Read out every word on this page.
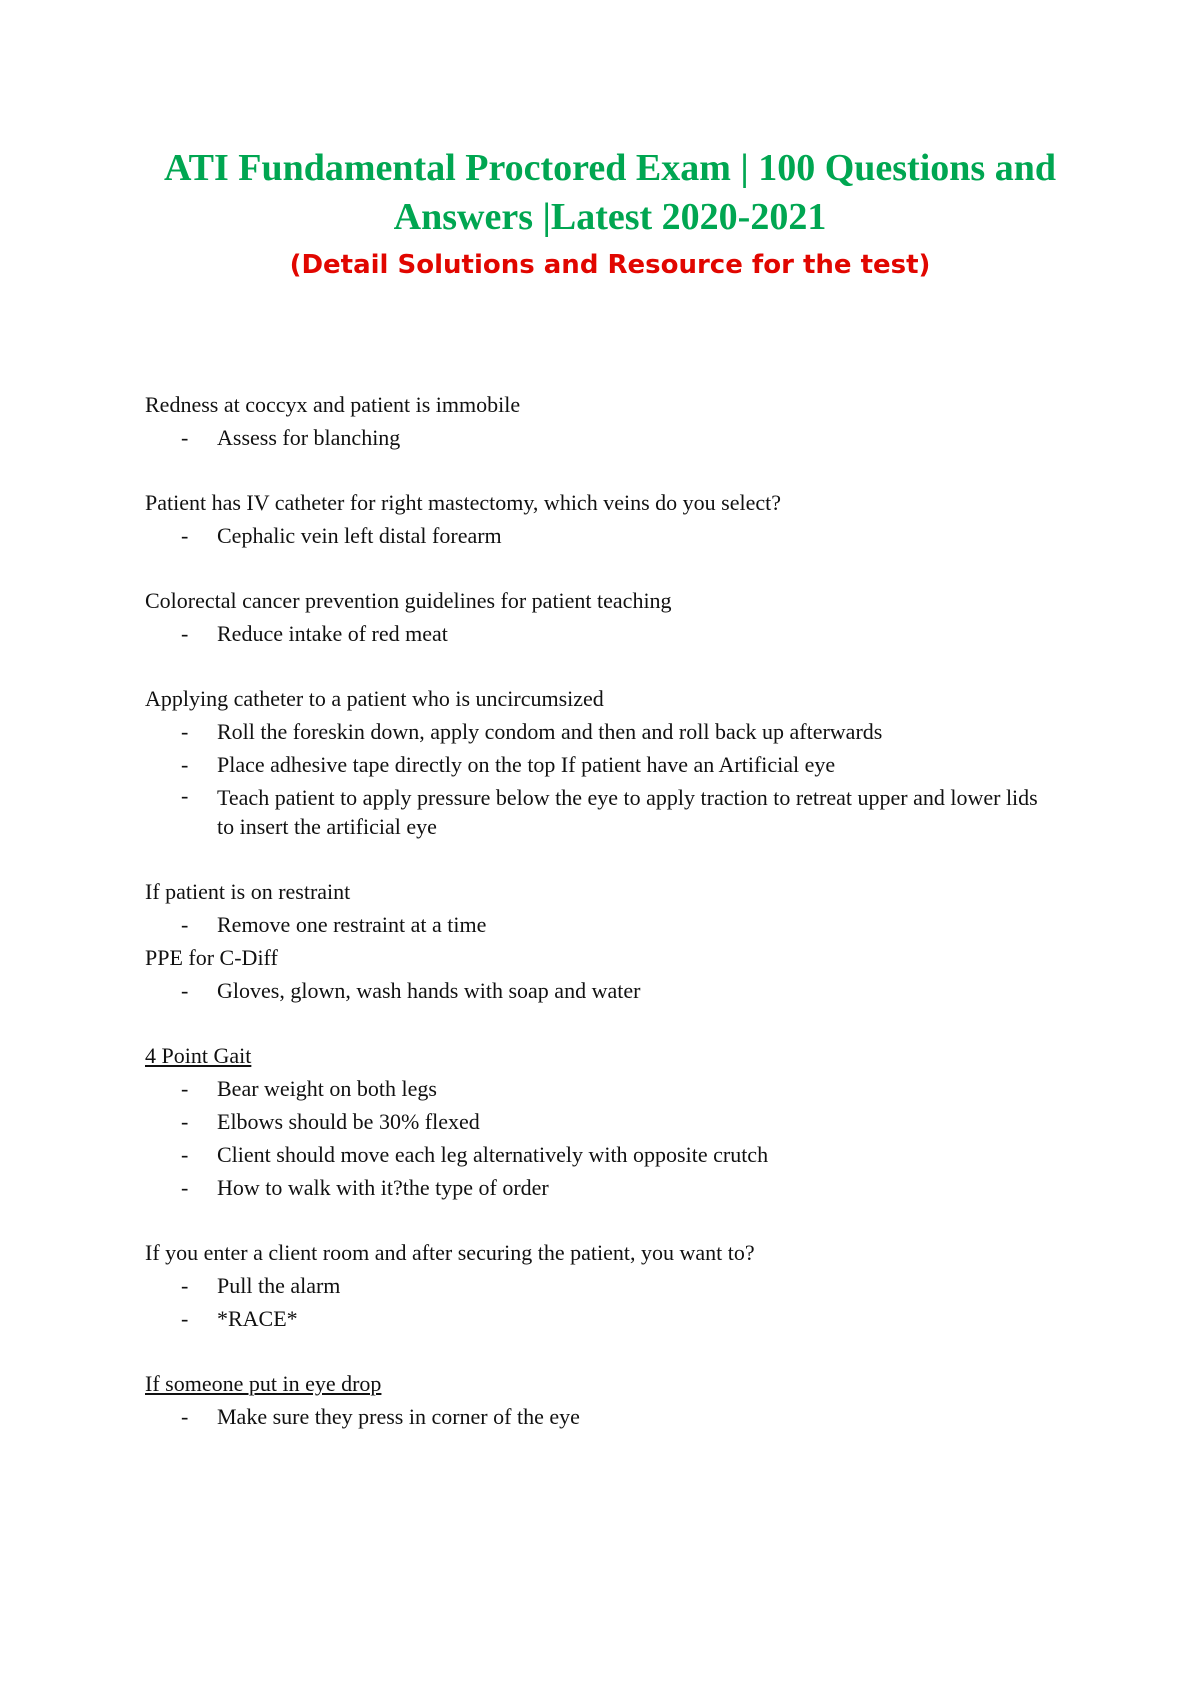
ATI Fundamental Proctored Exam | 100 Questions and Answers |Latest 2020-2021
(Detail Solutions and Resource for the test)

Redness at coccyx and patient is immobile

- Assess for blanching

Patient has IV catheter for right mastectomy, which veins do you select?

- Cephalic vein left distal forearm

Colorectal cancer prevention guidelines for patient teaching

- Reduce intake of red meat

Applying catheter to a patient who is uncircumsized

- Roll the foreskin down, apply condom and then and roll back up afterwards

- Place adhesive tape directly on the top If patient have an Artificial eye

- Teach patient to apply pressure below the eye to apply traction to retreat upper and lower lids to insert the artificial eye

If patient is on restraint

- Remove one restraint at a time

PPE for C-Diff

- Gloves, glown, wash hands with soap and water

4 Point Gait

- Bear weight on both legs

- Elbows should be 30% flexed

- Client should move each leg alternatively with opposite crutch

- How to walk with it?the type of order

If you enter a client room and after securing the patient, you want to?

- Pull the alarm

- *RACE*

If someone put in eye drop

- Make sure they press in corner of the eye
